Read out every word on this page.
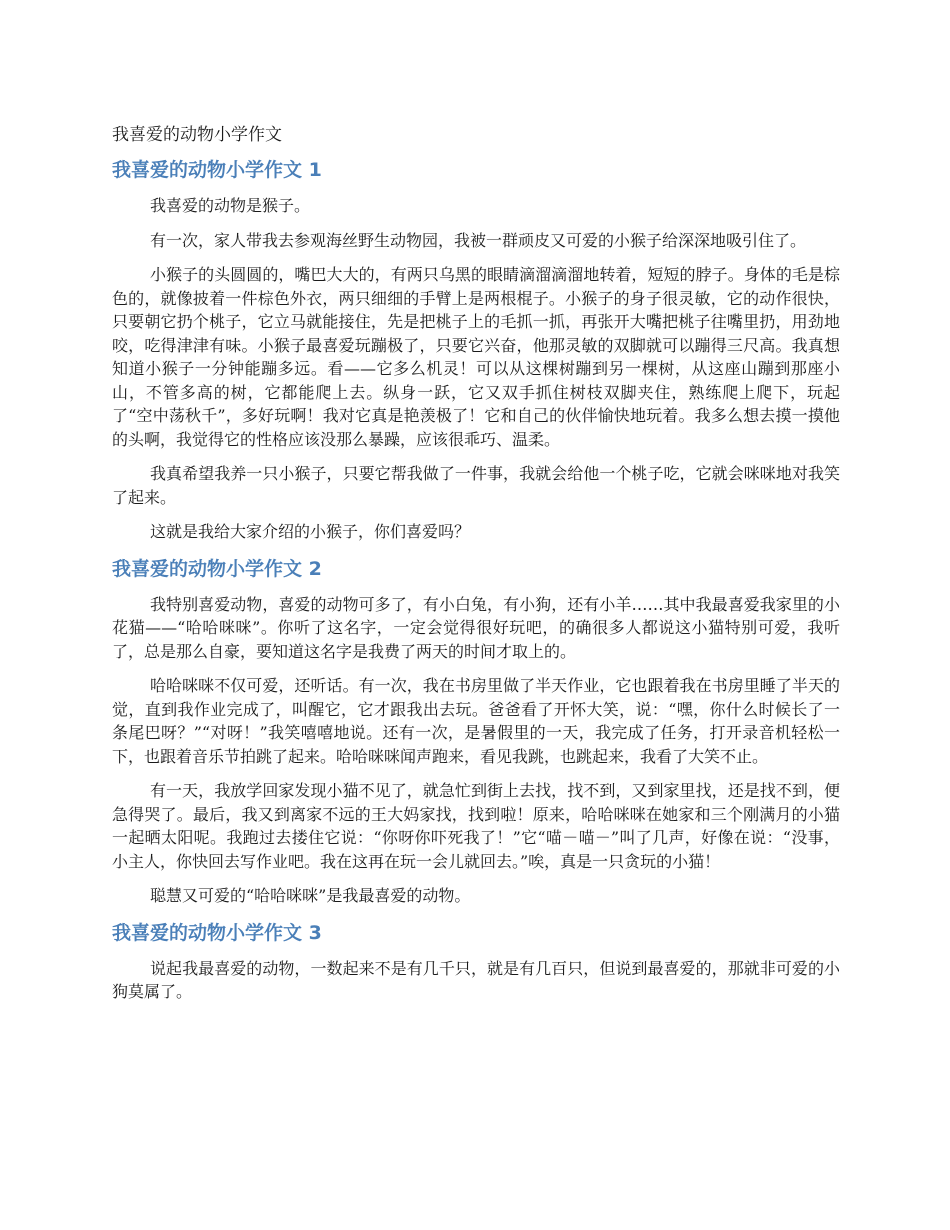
我喜爱的动物小学作文
我喜爱的动物小学作文 1

我喜爱的动物是猴子。

有一次，家人带我去参观海丝野生动物园，我被一群顽皮又可爱的小猴子给深深地吸引住了。

小猴子的头圆圆的，嘴巴大大的，有两只乌黑的眼睛滴溜滴溜地转着，短短的脖子。身体的毛是棕色的，就像披着一件棕色外衣，两只细细的手臂上是两根棍子。小猴子的身子很灵敏，它的动作很快，只要朝它扔个桃子，它立马就能接住，先是把桃子上的毛抓一抓，再张开大嘴把桃子往嘴里扔，用劲地咬，吃得津津有味。小猴子最喜爱玩蹦极了，只要它兴奋，他那灵敏的双脚就可以蹦得三尺高。我真想知道小猴子一分钟能蹦多远。看——它多么机灵！可以从这棵树蹦到另一棵树，从这座山蹦到那座小山，不管多高的树，它都能爬上去。纵身一跃，它又双手抓住树枝双脚夹住，熟练爬上爬下，玩起了“空中荡秋千”，多好玩啊！我对它真是艳羡极了！它和自己的伙伴愉快地玩着。我多么想去摸一摸他的头啊，我觉得它的性格应该没那么暴躁，应该很乖巧、温柔。

我真希望我养一只小猴子，只要它帮我做了一件事，我就会给他一个桃子吃，它就会咪咪地对我笑了起来。

这就是我给大家介绍的小猴子，你们喜爱吗？

我喜爱的动物小学作文 2

我特别喜爱动物，喜爱的动物可多了，有小白兔，有小狗，还有小羊……其中我最喜爱我家里的小花猫——“哈哈咪咪”。你听了这名字，一定会觉得很好玩吧，的确很多人都说这小猫特别可爱，我听了，总是那么自豪，要知道这名字是我费了两天的时间才取上的。

哈哈咪咪不仅可爱，还听话。有一次，我在书房里做了半天作业，它也跟着我在书房里睡了半天的觉，直到我作业完成了，叫醒它，它才跟我出去玩。爸爸看了开怀大笑，说：“嘿，你什么时候长了一条尾巴呀？”“对呀！”我笑嘻嘻地说。还有一次，是暑假里的一天，我完成了任务，打开录音机轻松一下，也跟着音乐节拍跳了起来。哈哈咪咪闻声跑来，看见我跳，也跳起来，我看了大笑不止。

有一天，我放学回家发现小猫不见了，就急忙到街上去找，找不到，又到家里找，还是找不到，便急得哭了。最后，我又到离家不远的王大妈家找，找到啦！原来，哈哈咪咪在她家和三个刚满月的小猫一起晒太阳呢。我跑过去搂住它说：“你呀你吓死我了！”它“喵－喵－”叫了几声，好像在说：“没事，小主人，你快回去写作业吧。我在这再在玩一会儿就回去。”唉，真是一只贪玩的小猫！

聪慧又可爱的“哈哈咪咪”是我最喜爱的动物。

我喜爱的动物小学作文 3

说起我最喜爱的动物，一数起来不是有几千只，就是有几百只，但说到最喜爱的，那就非可爱的小狗莫属了。
